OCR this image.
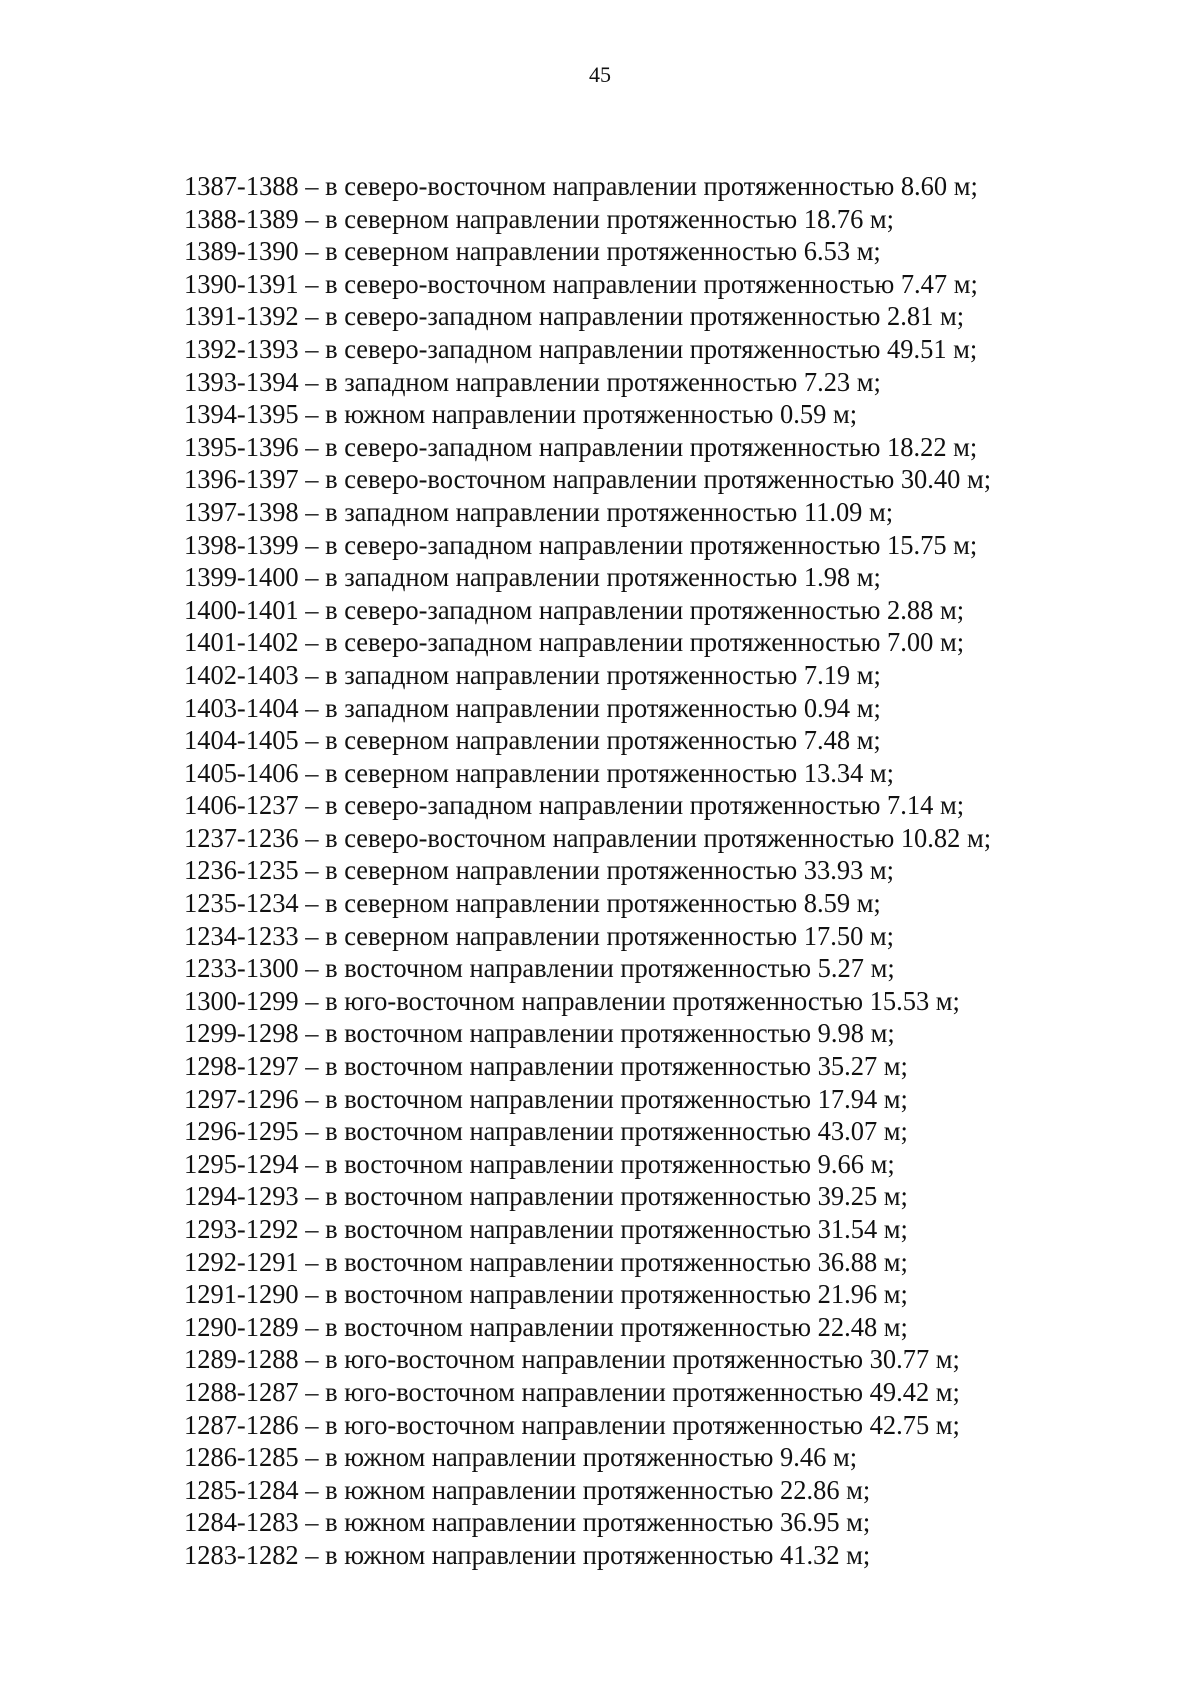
45
1387-1388 – в северо-восточном направлении протяженностью 8.60 м;
1388-1389 – в северном направлении протяженностью 18.76 м;
1389-1390 – в северном направлении протяженностью 6.53 м;
1390-1391 – в северо-восточном направлении протяженностью 7.47 м;
1391-1392 – в северо-западном направлении протяженностью 2.81 м;
1392-1393 – в северо-западном направлении протяженностью 49.51 м;
1393-1394 – в западном направлении протяженностью 7.23 м;
1394-1395 – в южном направлении протяженностью 0.59 м;
1395-1396 – в северо-западном направлении протяженностью 18.22 м;
1396-1397 – в северо-восточном направлении протяженностью 30.40 м;
1397-1398 – в западном направлении протяженностью 11.09 м;
1398-1399 – в северо-западном направлении протяженностью 15.75 м;
1399-1400 – в западном направлении протяженностью 1.98 м;
1400-1401 – в северо-западном направлении протяженностью 2.88 м;
1401-1402 – в северо-западном направлении протяженностью 7.00 м;
1402-1403 – в западном направлении протяженностью 7.19 м;
1403-1404 – в западном направлении протяженностью 0.94 м;
1404-1405 – в северном направлении протяженностью 7.48 м;
1405-1406 – в северном направлении протяженностью 13.34 м;
1406-1237 – в северо-западном направлении протяженностью 7.14 м;
1237-1236 – в северо-восточном направлении протяженностью 10.82 м;
1236-1235 – в северном направлении протяженностью 33.93 м;
1235-1234 – в северном направлении протяженностью 8.59 м;
1234-1233 – в северном направлении протяженностью 17.50 м;
1233-1300 – в восточном направлении протяженностью 5.27 м;
1300-1299 – в юго-восточном направлении протяженностью 15.53 м;
1299-1298 – в восточном направлении протяженностью 9.98 м;
1298-1297 – в восточном направлении протяженностью 35.27 м;
1297-1296 – в восточном направлении протяженностью 17.94 м;
1296-1295 – в восточном направлении протяженностью 43.07 м;
1295-1294 – в восточном направлении протяженностью 9.66 м;
1294-1293 – в восточном направлении протяженностью 39.25 м;
1293-1292 – в восточном направлении протяженностью 31.54 м;
1292-1291 – в восточном направлении протяженностью 36.88 м;
1291-1290 – в восточном направлении протяженностью 21.96 м;
1290-1289 – в восточном направлении протяженностью 22.48 м;
1289-1288 – в юго-восточном направлении протяженностью 30.77 м;
1288-1287 – в юго-восточном направлении протяженностью 49.42 м;
1287-1286 – в юго-восточном направлении протяженностью 42.75 м;
1286-1285 – в южном направлении протяженностью 9.46 м;
1285-1284 – в южном направлении протяженностью 22.86 м;
1284-1283 – в южном направлении протяженностью 36.95 м;
1283-1282 – в южном направлении протяженностью 41.32 м;
